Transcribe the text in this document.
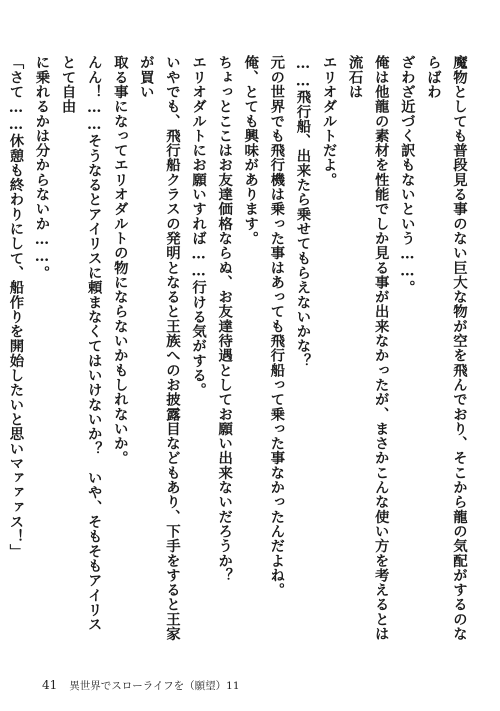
魔物としても普段見る事のない巨大な物が空を飛んでおり、そこから龍の気配がするのならばわ

ざわざ近づく訳もないという……。

俺は他龍の素材を性能でしか見る事が出来なかったが、まさかこんな使い方を考えるとは流石は

エリオダルトだよ。

……飛行船、出来たら乗せてもらえないかな？

元の世界でも飛行機は乗った事はあっても飛行船って乗った事なかったんだよね。

俺、とても興味があります。

ちょっとここはお友達価格ならぬ、お友達待遇としてお願い出来ないだろうか？

エリオダルトにお願いすれば……行ける気がする。

いやでも、飛行船クラスの発明となると王族へのお披露目などもあり、下手をすると王家が買い

取る事になってエリオダルトの物にならないかもしれないか。

んん！……そうなるとアイリスに頼まなくてはいけないか？　いや、そもそもアイリスとて自由

に乗れるかは分からないか……。

「さて……休憩も終わりにして、船作りを開始したいと思いマァァァス！」

41 異世界でスローライフを（願望）11
